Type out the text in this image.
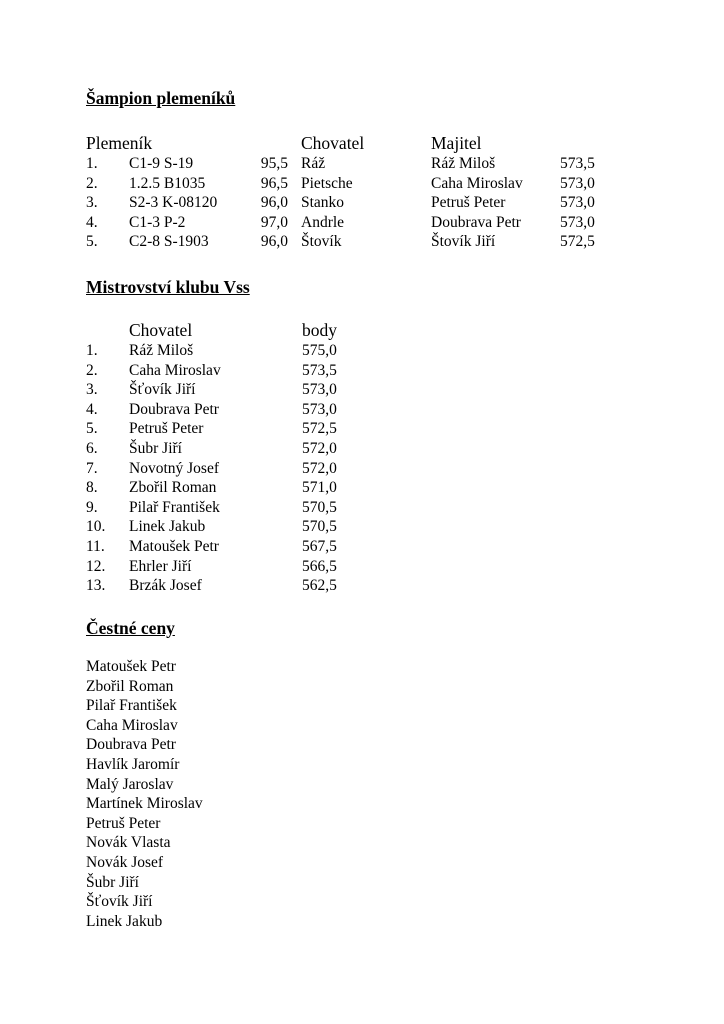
Šampion plemeníků
Plemeník	Chovatel	Majitel
1. C1-9 S-19	95,5 Ráž	Ráž Miloš	573,5
2. 1.2.5 B1035	96,5 Pietsche	Caha Miroslav 573,0
3. S2-3 K-08120	96,0 Stanko	Petruš Peter	573,0
4. C1-3 P-2	97,0 Andrle	Doubrava Petr	573,0
5. C2-8 S-1903	96,0 Štovík	Štovík Jiří	572,5
Mistrovství klubu Vss
Chovatel	body
1. Ráž Miloš	575,0
2. Caha Miroslav	573,5
3. Šťovík Jiří	573,0
4. Doubrava Petr	573,0
5. Petruš Peter	572,5
6. Šubr Jiří	572,0
7. Novotný Josef	572,0
8. Zbořil Roman	571,0
9. Pilař František	570,5
10. Linek Jakub	570,5
11. Matoušek Petr	567,5
12. Ehrler Jiří	566,5
13. Brzák Josef	562,5
Čestné ceny
Matoušek Petr
Zbořil Roman
Pilař František
Caha Miroslav
Doubrava Petr
Havlík Jaromír
Malý Jaroslav
Martínek Miroslav
Petruš Peter
Novák Vlasta
Novák Josef
Šubr Jiří
Šťovík Jiří
Linek Jakub
